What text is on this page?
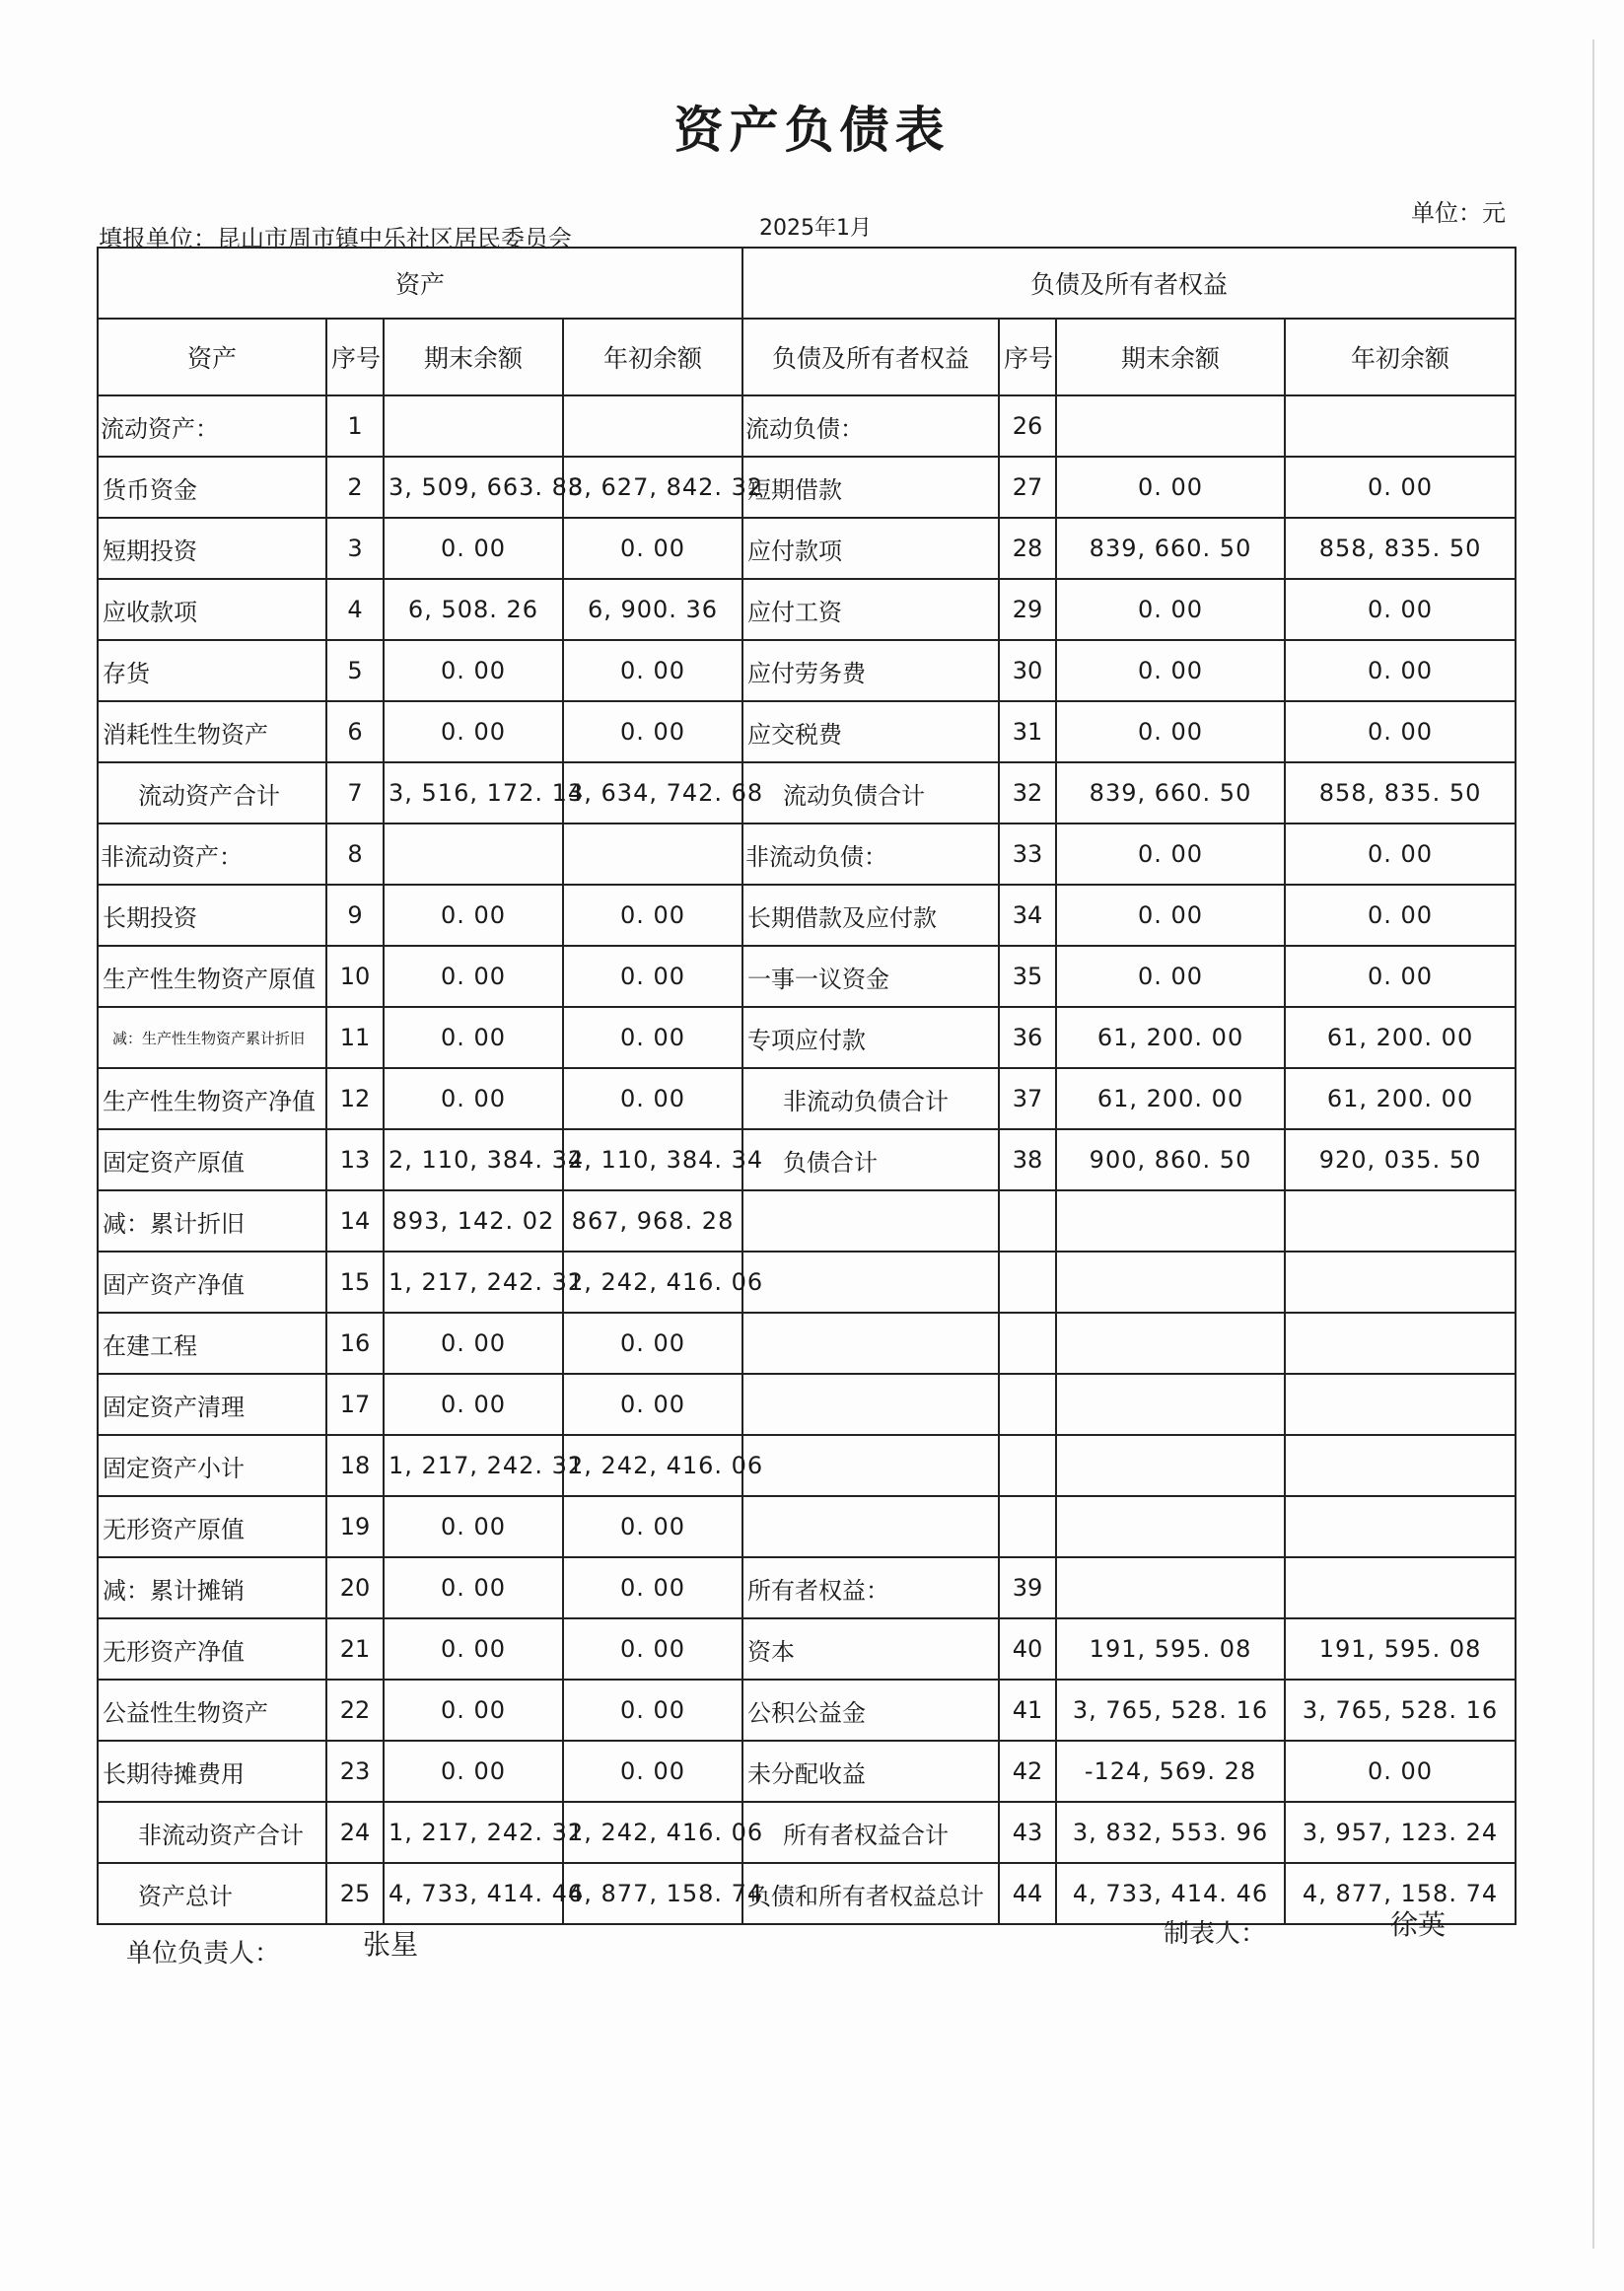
资产负债表
单位：元
填报单位：昆山市周市镇中乐社区居民委员会	2025年1月
资产				负债及所有者权益			
资产	序号	期末余额	年初余额	负债及所有者权益	序号	期末余额	年初余额
流动资产：	1			流动负债：	26		
货币资金	2	3, 509, 663. 88	3, 627, 842. 32	短期借款	27	0. 00	0. 00
短期投资	3	0. 00	0. 00	应付款项	28	839, 660. 50	858, 835. 50
应收款项	4	6, 508. 26	6, 900. 36	应付工资	29	0. 00	0. 00
存货	5	0. 00	0. 00	应付劳务费	30	0. 00	0. 00
消耗性生物资产	6	0. 00	0. 00	应交税费	31	0. 00	0. 00
流动资产合计	7	3, 516, 172. 14	3, 634, 742. 68	流动负债合计	32	839, 660. 50	858, 835. 50
非流动资产：	8			非流动负债：	33	0. 00	0. 00
长期投资	9	0. 00	0. 00	长期借款及应付款	34	0. 00	0. 00
生产性生物资产原值	10	0. 00	0. 00	一事一议资金	35	0. 00	0. 00
减：生产性生物资产累计折旧	11	0. 00	0. 00	专项应付款	36	61, 200. 00	61, 200. 00
生产性生物资产净值	12	0. 00	0. 00	非流动负债合计	37	61, 200. 00	61, 200. 00
固定资产原值	13	2, 110, 384. 34	2, 110, 384. 34	负债合计	38	900, 860. 50	920, 035. 50
减：累计折旧	14	893, 142. 02	867, 968. 28				
固产资产净值	15	1, 217, 242. 32	1, 242, 416. 06				
在建工程	16	0. 00	0. 00				
固定资产清理	17	0. 00	0. 00				
固定资产小计	18	1, 217, 242. 32	1, 242, 416. 06				
无形资产原值	19	0. 00	0. 00				
减：累计摊销	20	0. 00	0. 00	所有者权益：	39		
无形资产净值	21	0. 00	0. 00	资本	40	191, 595. 08	191, 595. 08
公益性生物资产	22	0. 00	0. 00	公积公益金	41	3, 765, 528. 16	3, 765, 528. 16
长期待摊费用	23	0. 00	0. 00	未分配收益	42	-124, 569. 28	0. 00
非流动资产合计	24	1, 217, 242. 32	1, 242, 416. 06	所有者权益合计	43	3, 832, 553. 96	3, 957, 123. 24
资产总计	25	4, 733, 414. 46	4, 877, 158. 74	负债和所有者权益总计	44	4, 733, 414. 46	4, 877, 158. 74
单位负责人：	张星	制表人：	徐英
